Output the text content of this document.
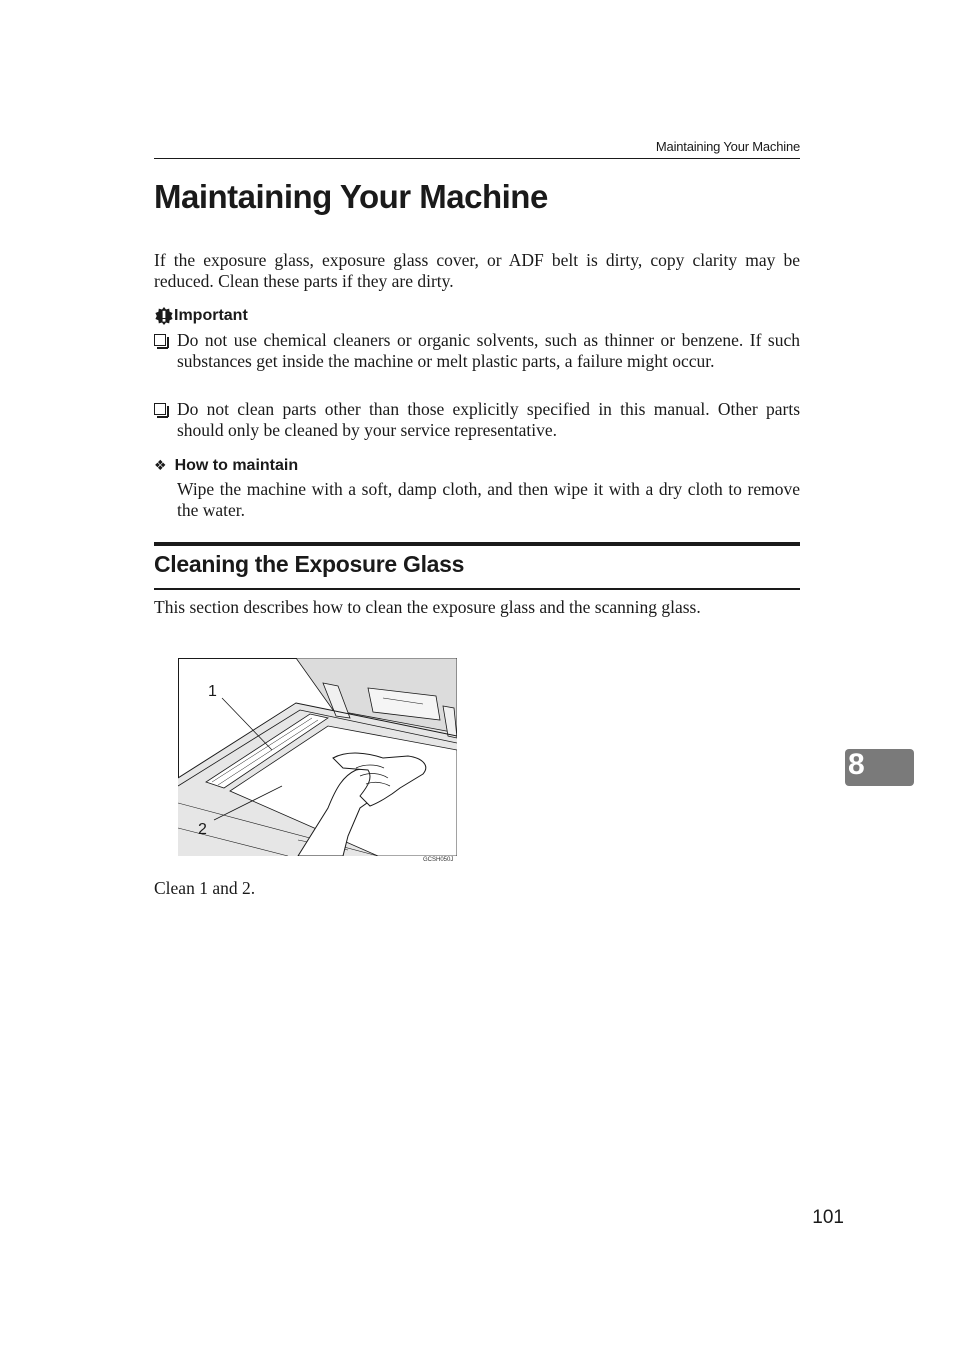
Maintaining Your Machine
Maintaining Your Machine

If the exposure glass, exposure glass cover, or ADF belt is dirty, copy clarity may be reduced. Clean these parts if they are dirty.

Important
Do not use chemical cleaners or organic solvents, such as thinner or benzene. If such substances get inside the machine or melt plastic parts, a failure might occur.
Do not clean parts other than those explicitly specified in this manual. Other parts should only be cleaned by your service representative.
❖ How to maintain

Wipe the machine with a soft, damp cloth, and then wipe it with a dry cloth to remove the water.

Cleaning the Exposure Glass

This section describes how to clean the exposure glass and the scanning glass.

1
2
GCSH050J

Clean 1 and 2.

8
101
